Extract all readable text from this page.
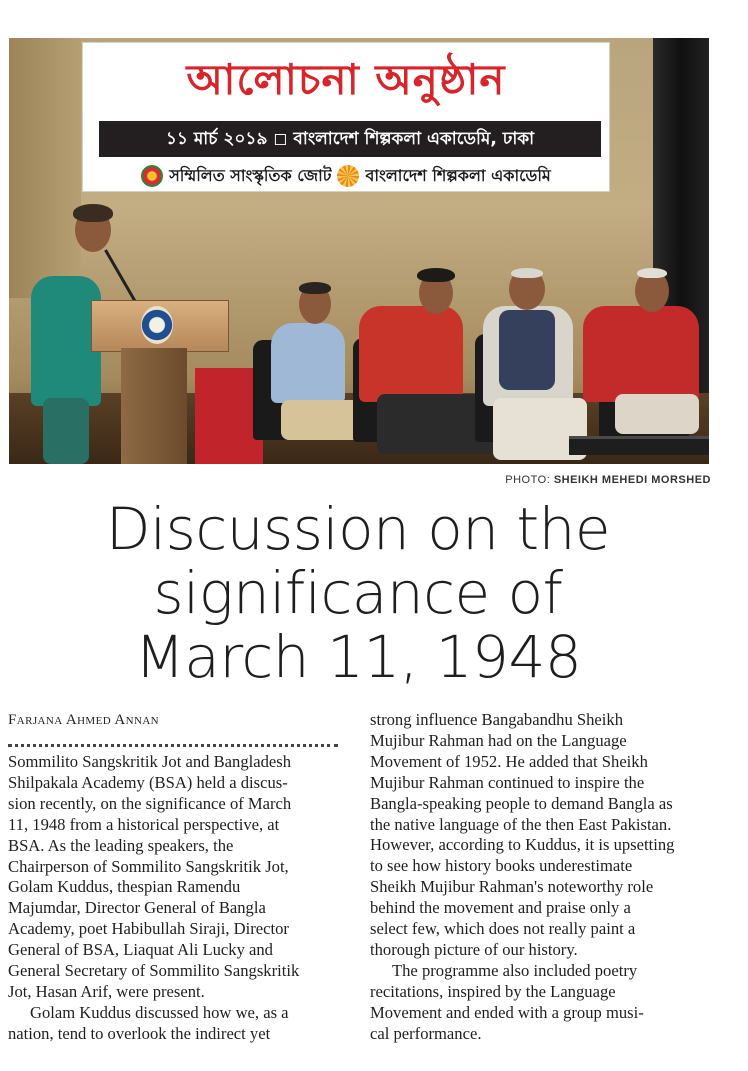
আলোচনা অনুষ্ঠান
১১ মার্চ ২০১৯ ◻ বাংলাদেশ শিল্পকলা একাডেমি, ঢাকা
সম্মিলিত সাংস্কৃতিক জোট বাংলাদেশ শিল্পকলা একাডেমি
PHOTO: SHEIKH MEHEDI MORSHED
Discussion on the
significance of
March 11, 1948
Farjana Ahmed Annan

Sommilito Sangskritik Jot and Bangladesh
Shilpakala Academy (BSA) held a discus-
sion recently, on the significance of March
11, 1948 from a historical perspective, at
BSA. As the leading speakers, the
Chairperson of Sommilito Sangskritik Jot,
Golam Kuddus, thespian Ramendu
Majumdar, Director General of Bangla
Academy, poet Habibullah Siraji, Director
General of BSA, Liaquat Ali Lucky and
General Secretary of Sommilito Sangskritik
Jot, Hasan Arif, were present.

Golam Kuddus discussed how we, as a
nation, tend to overlook the indirect yet

strong influence Bangabandhu Sheikh
Mujibur Rahman had on the Language
Movement of 1952. He added that Sheikh
Mujibur Rahman continued to inspire the
Bangla-speaking people to demand Bangla as
the native language of the then East Pakistan.
However, according to Kuddus, it is upsetting
to see how history books underestimate
Sheikh Mujibur Rahman's noteworthy role
behind the movement and praise only a
select few, which does not really paint a
thorough picture of our history.

The programme also included poetry
recitations, inspired by the Language
Movement and ended with a group musi-
cal performance.
